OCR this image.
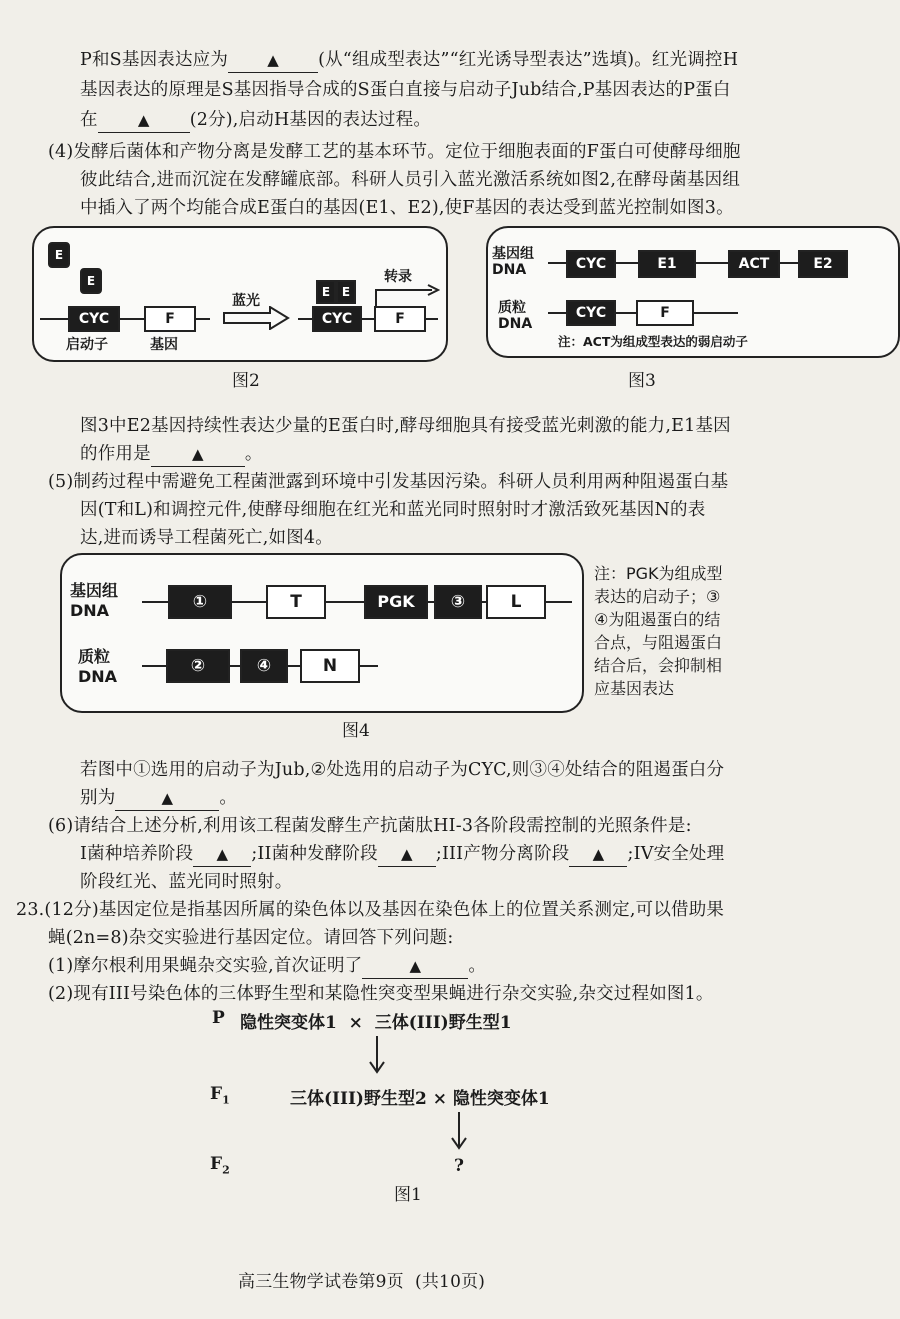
P和S基因表达应为	▲ (从“组成型表达”“红光诱导型表达”选填)。红光调控H
基因表达的原理是S基因指导合成的S蛋白直接与启动子Jub结合,P基因表达的P蛋白
在	▲ (2分),启动H基因的表达过程。
(4)发酵后菌体和产物分离是发酵工艺的基本环节。定位于细胞表面的F蛋白可使酵母细胞
彼此结合,进而沉淀在发酵罐底部。科研人员引入蓝光激活系统如图2,在酵母菌基因组
中插入了两个均能合成E蛋白的基因(E1、E2),使F基因的表达受到蓝光控制如图3。
E
E
CYC	F
启动子	基因
蓝光
E E
CYC	F
转录
图2
基因组
DNA	CYC	E1	ACT	E2
质粒
DNA
CYC	F
注：ACT为组成型表达的弱启动子
图3
图3中E2基因持续性表达少量的E蛋白时,酵母细胞具有接受蓝光刺激的能力,E1基因
的作用是	▲ 。
(5)制药过程中需避免工程菌泄露到环境中引发基因污染。科研人员利用两种阻遏蛋白基
因(T和L)和调控元件,使酵母细胞在红光和蓝光同时照射时才激活致死基因N的表
达,进而诱导工程菌死亡,如图4。
基因组
DNA	①	T	PGK	③	L
质粒
DNA
②	④	N
注：PGK为组成型
表达的启动子；③
④为阻遏蛋白的结
合点，与阻遏蛋白
结合后，会抑制相
应基因表达
图4
若图中①选用的启动子为Jub,②处选用的启动子为CYC,则③④处结合的阻遏蛋白分
别为	▲	。
(6)请结合上述分析,利用该工程菌发酵生产抗菌肽HI-3各阶段需控制的光照条件是:
I菌种培养阶段 ▲ ;II菌种发酵阶段 ▲ ;III产物分离阶段 ▲ ;IV安全处理
阶段红光、蓝光同时照射。
23.(12分)基因定位是指基因所属的染色体以及基因在染色体上的位置关系测定,可以借助果
蝇(2n=8)杂交实验进行基因定位。请回答下列问题:
(1)摩尔根利用果蝇杂交实验,首次证明了	▲	。
(2)现有III号染色体的三体野生型和某隐性突变型果蝇进行杂交实验,杂交过程如图1。
P 隐性突变体1  ×  三体(III)野生型1
$F_1$	三体(III)野生型2 × 隐性突变体1
$F_2$	?
图1
高三生物学试卷第9页  (共10页)
